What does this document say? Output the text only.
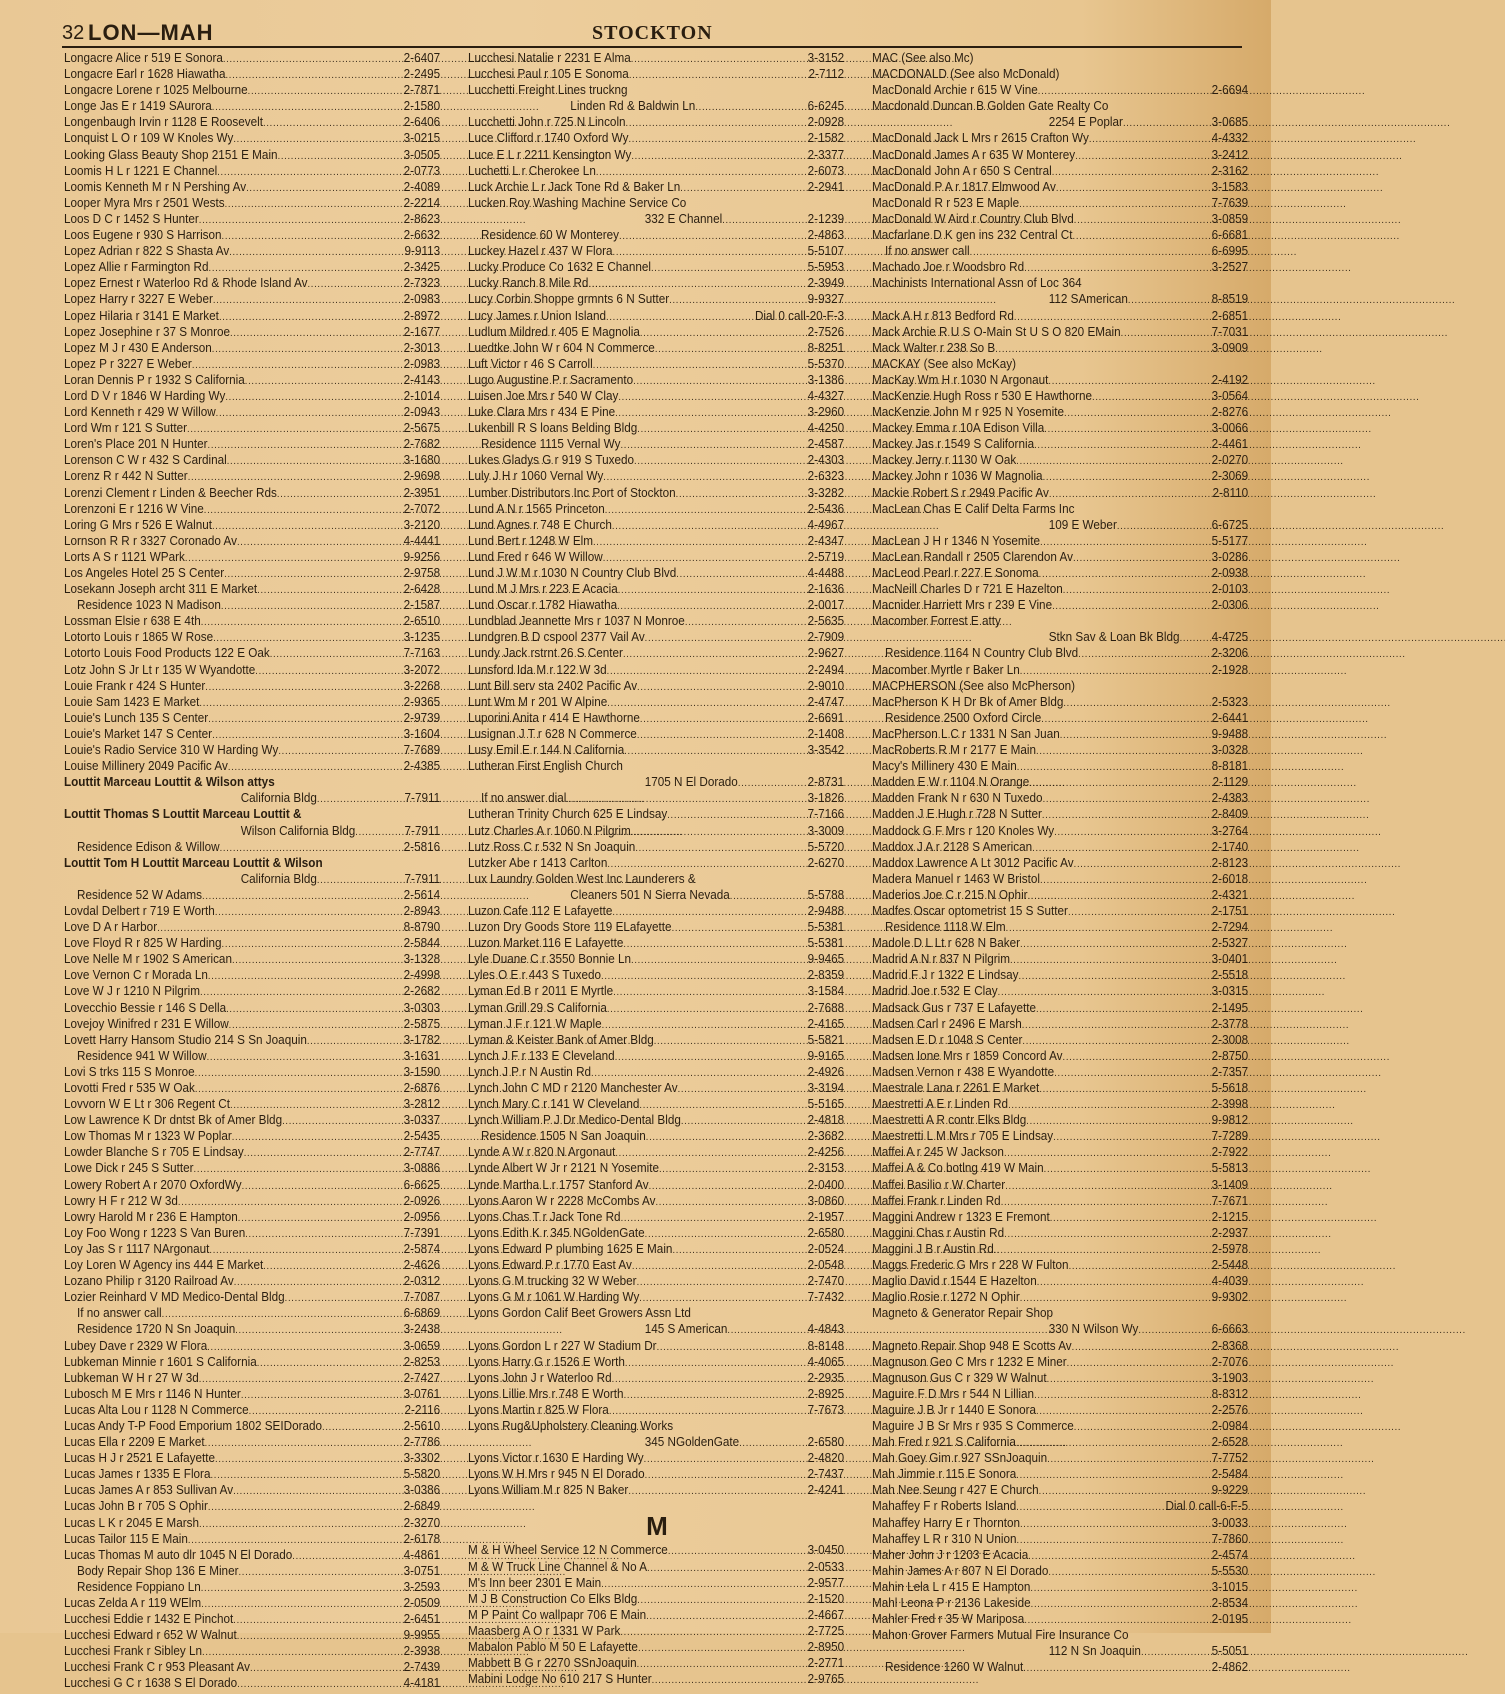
32 LON—MAH	STOCKTON
Longacre Alice r 519 E Sonora . . .	2-6407
Longacre Earl r 1628 Hiawatha . . .	2-2495
Longacre Lorene r 1025 Melbourne . . .	2-7871
Longe Jas E r 1419 SAurora . . .	2-1580
Longenbaugh Irvin r 1128 E Roosevelt . . .	2-6406
Lonquist L O r 109 W Knoles Wy . . .	3-0215
Looking Glass Beauty Shop 2151 E Main . . .	3-0505
Loomis H L r 1221 E Channel . . .	2-0773
Loomis Kenneth M r N Pershing Av . . .	2-4089
Looper Myra Mrs r 2501 Wests . . .	2-2214
Loos D C r 1452 S Hunter . . .	2-8623
Loos Eugene r 930 S Harrison . . .	2-6632
Lopez Adrian r 822 S Shasta Av . . .	9-9113
Lopez Allie r Farmington Rd . . .	2-3425
Lopez Ernest r Waterloo Rd & Rhode Island Av . . .	2-7323
Lopez Harry r 3227 E Weber . . .	2-0983
Lopez Hilaria r 3141 E Market . . .	2-8972
Lopez Josephine r 37 S Monroe . . .	2-1677
Lopez M J r 430 E Anderson . . .	2-3013
Lopez P r 3227 E Weber . . .	2-0983
Loran Dennis P r 1932 S California . . .	2-4143
Lord D V r 1846 W Harding Wy . . .	2-1014
Lord Kenneth r 429 W Willow . . .	2-0943
Lord Wm r 121 S Sutter . . .	2-5675
Loren's Place 201 N Hunter . . .	2-7682
Lorenson C W r 432 S Cardinal . . .	3-1680
Lorenz R r 442 N Sutter . . .	2-9698
Lorenzi Clement r Linden & Beecher Rds . . .	2-3951
Lorenzoni E r 1216 W Vine . . .	2-7072
Loring G Mrs r 526 E Walnut . . .	3-2120
Lornson R R r 3327 Coronado Av . . .	4-4441
Lorts A S r 1121 WPark . . .	9-9256
Los Angeles Hotel 25 S Center . . .	2-9758
Losekann Joseph archt 311 E Market . . .	2-6428
Residence 1023 N Madison . . .	2-1587
Lossman Elsie r 638 E 4th . . .	2-6510
Lotorto Louis r 1865 W Rose . . .	3-1235
Lotorto Louis Food Products 122 E Oak . . .	7-7163
Lotz John S Jr Lt r 135 W Wyandotte . . .	3-2072
Louie Frank r 424 S Hunter . . .	3-2268
Louie Sam 1423 E Market . . .	2-9365
Louie's Lunch 135 S Center . . .	2-9739
Louie's Market 147 S Center . . .	3-1604
Louie's Radio Service 310 W Harding Wy . . .	7-7689
Louise Millinery 2049 Pacific Av . . .	2-4385
Louttit Marceau Louttit & Wilson attys
California Bldg . . .	7-7911
Louttit Thomas S Louttit Marceau Louttit &
Wilson California Bldg . . .	7-7911
Residence Edison & Willow . . .	2-5816
Louttit Tom H Louttit Marceau Louttit & Wilson
California Bldg . . .	7-7911
Residence 52 W Adams . . .	2-5614
Lovdal Delbert r 719 E Worth . . .	2-8943
Love D A r Harbor . . .	8-8790
Love Floyd R r 825 W Harding . . .	2-5844
Love Nelle M r 1902 S American . . .	3-1328
Love Vernon C r Morada Ln . . .	2-4998
Love W J r 1210 N Pilgrim . . .	2-2682
Lovecchio Bessie r 146 S Della . . .	3-0303
Lovejoy Winifred r 231 E Willow . . .	2-5875
Lovett Harry Hansom Studio 214 S Sn Joaquin . . .	3-1782
Residence 941 W Willow . . .	3-1631
Lovi S trks 115 S Monroe . . .	3-1590
Lovotti Fred r 535 W Oak . . .	2-6876
Lovvorn W E Lt r 306 Regent Ct . . .	3-2812
Low Lawrence K Dr dntst Bk of Amer Bldg . . .	3-0337
Low Thomas M r 1323 W Poplar . . .	2-5435
Lowder Blanche S r 705 E Lindsay . . .	2-7747
Lowe Dick r 245 S Sutter . . .	3-0886
Lowery Robert A r 2070 OxfordWy . . .	6-6625
Lowry H F r 212 W 3d . . .	2-0926
Lowry Harold M r 236 E Hampton . . .	2-0956
Loy Foo Wong r 1223 S Van Buren . . .	7-7391
Loy Jas S r 1117 NArgonaut . . .	2-5874
Loy Loren W Agency ins 444 E Market . . .	2-4626
Lozano Philip r 3120 Railroad Av . . .	2-0312
Lozier Reinhard V MD Medico-Dental Bldg . . .	7-7087
If no answer call . . .	6-6869
Residence 1720 N Sn Joaquin . . .	3-2438
Lubey Dave r 2329 W Flora . . .	3-0659
Lubkeman Minnie r 1601 S California . . .	2-8253
Lubkeman W H r 27 W 3d . . .	2-7427
Lubosch M E Mrs r 1146 N Hunter . . .	3-0761
Lucas Alta Lou r 1128 N Commerce . . .	2-2116
Lucas Andy T-P Food Emporium 1802 SEIDorado . . .	2-5610
Lucas Ella r 2209 E Market . . .	2-7786
Lucas H J r 2521 E Lafayette . . .	3-3302
Lucas James r 1335 E Flora . . .	5-5820
Lucas James A r 853 Sullivan Av . . .	3-0386
Lucas John B r 705 S Ophir . . .	2-6849
Lucas L K r 2045 E Marsh . . .	2-3270
Lucas Tailor 115 E Main . . .	2-6178
Lucas Thomas M auto dlr 1045 N El Dorado . . .	4-4861
Body Repair Shop 136 E Miner . . .	3-0751
Residence Foppiano Ln . . .	3-2593
Lucas Zelda A r 119 WElm . . .	2-0509
Lucchesi Eddie r 1432 E Pinchot . . .	2-6451
Lucchesi Edward r 652 W Walnut . . .	9-9955
Lucchesi Frank r Sibley Ln . . .	2-3938
Lucchesi Frank C r 953 Pleasant Av . . .	2-7439
Lucchesi G C r 1638 S El Dorado . . .	4-4181
Lucchesi Natalie r 2231 E Alma . . .	3-3152
Lucchesi Paul r 105 E Sonoma . . .	2-7112
Lucchetti Freight Lines truckng
Linden Rd & Baldwin Ln . . .	6-6245
Lucchetti John r 725 N Lincoln . . .	2-0928
Luce Clifford r 1740 Oxford Wy . . .	2-1582
Luce E L r 2211 Kensington Wy . . .	2-3377
Luchetti L r Cherokee Ln . . .	2-6073
Luck Archie L r Jack Tone Rd & Baker Ln . . .	2-2941
Lucken Roy Washing Machine Service Co
332 E Channel . . .	2-1239
Residence 60 W Monterey . . .	2-4863
Luckey Hazel r 437 W Flora . . .	5-5107
Lucky Produce Co 1632 E Channel . . .	5-5953
Lucky Ranch 8 Mile Rd . . .	2-3949
Lucy Corbin Shoppe grmnts 6 N Sutter . . .	9-9327
Lucy James r Union Island . . .	Dial 0 call-20-F-3
Ludlum Mildred r 405 E Magnolia . . .	2-7526
Luedtke John W r 604 N Commerce . . .	8-8251
Luft Victor r 46 S Carroll . . .	5-5370
Lugo Augustine P r Sacramento . . .	3-1386
Luisen Joe Mrs r 540 W Clay . . .	4-4327
Luke Clara Mrs r 434 E Pine . . .	3-2960
Lukenbill R S loans Belding Bldg . . .	4-4250
Residence 1115 Vernal Wy . . .	2-4587
Lukes Gladys G r 919 S Tuxedo . . .	2-4303
Luly J H r 1060 Vernal Wy . . .	2-6323
Lumber Distributors Inc Port of Stockton . . .	3-3282
Lund A N r 1565 Princeton . . .	2-5436
Lund Agnes r 748 E Church . . .	4-4967
Lund Bert r 1248 W Elm . . .	2-4347
Lund Fred r 646 W Willow . . .	2-5719
Lund J W M r 1030 N Country Club Blvd . . .	4-4488
Lund M J Mrs r 223 E Acacia . . .	2-1636
Lund Oscar r 1782 Hiawatha . . .	2-0017
Lundblad Jeannette Mrs r 1037 N Monroe . . .	2-5635
Lundgren B D cspool 2377 Vail Av . . .	2-7909
Lundy Jack rstrnt 26 S Center . . .	2-9627
Lunsford Ida M r 122 W 3d . . .	2-2494
Lunt Bill serv sta 2402 Pacific Av . . .	2-9010
Lunt Wm M r 201 W Alpine . . .	2-4747
Luporini Anita r 414 E Hawthorne . . .	2-6691
Lusignan J T r 628 N Commerce . . .	2-1408
Lusy Emil E r 144 N California . . .	3-3542
Lutheran First English Church
1705 N El Dorado . . .	2-8731
If no answer dial . . .	3-1826
Lutheran Trinity Church 625 E Lindsay . . .	7-7166
Lutz Charles A r 1060 N Pilgrim . . .	3-3009
Lutz Ross C r 532 N Sn Joaquin . . .	5-5720
Lutzker Abe r 1413 Carlton . . .	2-6270
Lux Laundry Golden West Inc Launderers &
Cleaners 501 N Sierra Nevada . . .	5-5788
Luzon Cafe 112 E Lafayette . . .	2-9488
Luzon Dry Goods Store 119 ELafayette . . .	5-5381
Luzon Market 116 E Lafayette . . .	5-5381
Lyle Duane C r 3550 Bonnie Ln . . .	9-9465
Lyles O E r 443 S Tuxedo . . .	2-8359
Lyman Ed B r 2011 E Myrtle . . .	3-1584
Lyman Grill 29 S California . . .	2-7688
Lyman J F r 121 W Maple . . .	2-4165
Lyman & Keister Bank of Amer Bldg . . .	5-5821
Lynch J F r 133 E Cleveland . . .	9-9165
Lynch J P r N Austin Rd . . .	2-4926
Lynch John C MD r 2120 Manchester Av . . .	3-3194
Lynch Mary C r 141 W Cleveland . . .	5-5165
Lynch William P J Dr Medico-Dental Bldg . . .	2-4818
Residence 1505 N San Joaquin . . .	2-3682
Lynde A W r 820 N Argonaut . . .	2-4256
Lynde Albert W Jr r 2121 N Yosemite . . .	2-3153
Lynde Martha L r 1757 Stanford Av . . .	2-0400
Lyons Aaron W r 2228 McCombs Av . . .	3-0860
Lyons Chas T r Jack Tone Rd . . .	2-1957
Lyons Edith K r 345 NGoldenGate . . .	2-6580
Lyons Edward P plumbing 1625 E Main . . .	2-0524
Lyons Edward P r 1770 East Av . . .	2-0548
Lyons G M trucking 32 W Weber . . .	2-7470
Lyons G M r 1061 W Harding Wy . . .	7-7432
Lyons Gordon Calif Beet Growers Assn Ltd
145 S American . . .	4-4843
Lyons Gordon L r 227 W Stadium Dr . . .	8-8148
Lyons Harry G r 1526 E Worth . . .	4-4065
Lyons John J r Waterloo Rd . . .	2-2935
Lyons Lillie Mrs r 748 E Worth . . .	2-8925
Lyons Martin r 825 W Flora . . .	7-7673
Lyons Rug&Upholstery Cleaning Works
345 NGoldenGate . . .	2-6580
Lyons Victor r 1630 E Harding Wy . . .	2-4820
Lyons W H Mrs r 945 N El Dorado . . .	2-7437
Lyons William M r 825 N Baker . . .	2-4241
M
M & H Wheel Service 12 N Commerce . . .	3-0450
M & W Truck Line Channel & No A . . .	2-0533
M's Inn beer 2301 E Main . . .	2-9577
M J B Construction Co Elks Bldg . . .	2-1520
M P Paint Co wallpapr 706 E Main . . .	2-4667
Maasberg A O r 1331 W Park . . .	2-7725
Mabalon Pablo M 50 E Lafayette . . .	2-8950
Mabbett B G r 2270 SSnJoaquin . . .	2-2771
Mabini Lodge No 610 217 S Hunter . . .	2-9765
MAC (See also Mc)
MACDONALD (See also McDonald)
MacDonald Archie r 615 W Vine . . .	2-6694
Macdonald Duncan B Golden Gate Realty Co
2254 E Poplar . . .	3-0685
MacDonald Jack L Mrs r 2615 Crafton Wy . . .	4-4332
MacDonald James A r 635 W Monterey . . .	3-2412
MacDonald John A r 650 S Central . . .	2-3162
MacDonald P A r 1817 Elmwood Av . . .	3-1583
MacDonald R r 523 E Maple . . .	7-7639
MacDonald W Aird r Country Club Blvd . . .	3-0859
Macfarlane D K gen ins 232 Central Ct . . .	6-6681
If no answer call . . .	6-6995
Machado Joe r Woodsbro Rd . . .	3-2527
Machinists International Assn of Loc 364
112 SAmerican . . .	8-8519
Mack A H r 813 Bedford Rd . . .	2-6851
Mack Archie R U S O-Main St U S O 820 EMain . . .	7-7031
Mack Walter r 238 So B . . .	3-0909
MACKAY (See also McKay)
MacKay Wm H r 1030 N Argonaut . . .	2-4192
MacKenzie Hugh Ross r 530 E Hawthorne . . .	3-0564
MacKenzie John M r 925 N Yosemite . . .	2-8276
Mackey Emma r 10A Edison Villa . . .	3-0066
Mackey Jas r 1549 S California . . .	2-4461
Mackey Jerry r 1130 W Oak . . .	2-0270
Mackey John r 1036 W Magnolia . . .	2-3069
Mackie Robert S r 2949 Pacific Av . . .	2-8110
MacLean Chas E Calif Delta Farms Inc
109 E Weber . . .	6-6725
MacLean J H r 1346 N Yosemite . . .	5-5177
MacLean Randall r 2505 Clarendon Av . . .	3-0286
MacLeod Pearl r 227 E Sonoma . . .	2-0938
MacNeill Charles D r 721 E Hazelton . . .	2-0103
Macnider Harriett Mrs r 239 E Vine . . .	2-0306
Macomber Forrest E atty
Stkn Sav & Loan Bk Bldg . . .	4-4725
Residence 1164 N Country Club Blvd . . .	2-3206
Macomber Myrtle r Baker Ln . . .	2-1928
MACPHERSON (See also McPherson)
MacPherson K H Dr Bk of Amer Bldg . . .	2-5323
Residence 2500 Oxford Circle . . .	2-6441
MacPherson L C r 1331 N San Juan . . .	9-9488
MacRoberts R M r 2177 E Main . . .	3-0328
Macy's Millinery 430 E Main . . .	8-8181
Madden E W r 1104 N Orange . . .	2-1129
Madden Frank N r 630 N Tuxedo . . .	2-4383
Madden J E Hugh r 728 N Sutter . . .	2-8409
Maddock G F Mrs r 120 Knoles Wy . . .	3-2764
Maddox J A r 2128 S American . . .	2-1740
Maddox Lawrence A Lt 3012 Pacific Av . . .	2-8123
Madera Manuel r 1463 W Bristol . . .	2-6018
Maderios Joe C r 215 N Ophir . . .	2-4321
Madfes Oscar optometrist 15 S Sutter . . .	2-1751
Residence 1118 W Elm . . .	2-7294
Madole D L Lt r 628 N Baker . . .	2-5327
Madrid A N r 837 N Pilgrim . . .	3-0401
Madrid F J r 1322 E Lindsay . . .	2-5518
Madrid Joe r 532 E Clay . . .	3-0315
Madsack Gus r 737 E Lafayette . . .	2-1495
Madsen Carl r 2496 E Marsh . . .	2-3778
Madsen E D r 1048 S Center . . .	2-3008
Madsen Ione Mrs r 1859 Concord Av . . .	2-8750
Madsen Vernon r 438 E Wyandotte . . .	2-7357
Maestrale Lana r 2261 E Market . . .	5-5618
Maestretti A E r Linden Rd . . .	2-3998
Maestretti A R contr Elks Bldg . . .	9-9812
Maestretti L M Mrs r 705 E Lindsay . . .	7-7289
Maffei A r 245 W Jackson . . .	2-7922
Maffei A & Co botlng 419 W Main . . .	5-5813
Maffei Basilio r W Charter . . .	3-1409
Maffei Frank r Linden Rd . . .	7-7671
Maggini Andrew r 1323 E Fremont . . .	2-1215
Maggini Chas r Austin Rd . . .	2-2937
Maggini J B r Austin Rd . . .	2-5978
Maggs Frederic G Mrs r 228 W Fulton . . .	2-5448
Maglio David r 1544 E Hazelton . . .	4-4039
Maglio Rosie r 1272 N Ophir . . .	9-9302
Magneto & Generator Repair Shop
330 N Wilson Wy . . .	6-6663
Magneto Repair Shop 948 E Scotts Av . . .	2-8368
Magnuson Geo C Mrs r 1232 E Miner . . .	2-7076
Magnuson Gus C r 329 W Walnut . . .	3-1903
Maguire F D Mrs r 544 N Lillian . . .	8-8312
Maguire J B Jr r 1440 E Sonora . . .	2-2576
Maguire J B Sr Mrs r 935 S Commerce . . .	2-0984
Mah Fred r 921 S California . . .	2-6528
Mah Goey Gim r 927 SSnJoaquin . . .	7-7752
Mah Jimmie r 115 E Sonora . . .	2-5484
Mah Nee Seung r 427 E Church . . .	9-9229
Mahaffey F r Roberts Island . . .	Dial 0 call-6-F-5
Mahaffey Harry E r Thornton . . .	3-0033
Mahaffey L R r 310 N Union . . .	7-7860
Maher John J r 1203 E Acacia . . .	2-4574
Mahin James A r 807 N El Dorado . . .	5-5530
Mahin Lela L r 415 E Hampton . . .	3-1015
Mahl Leona P r 2136 Lakeside . . .	2-8534
Mahler Fred r 35 W Mariposa . . .	2-0195
Mahon Grover Farmers Mutual Fire Insurance Co
112 N Sn Joaquin . . .	5-5051
Residence 1260 W Walnut . . .	2-4862
